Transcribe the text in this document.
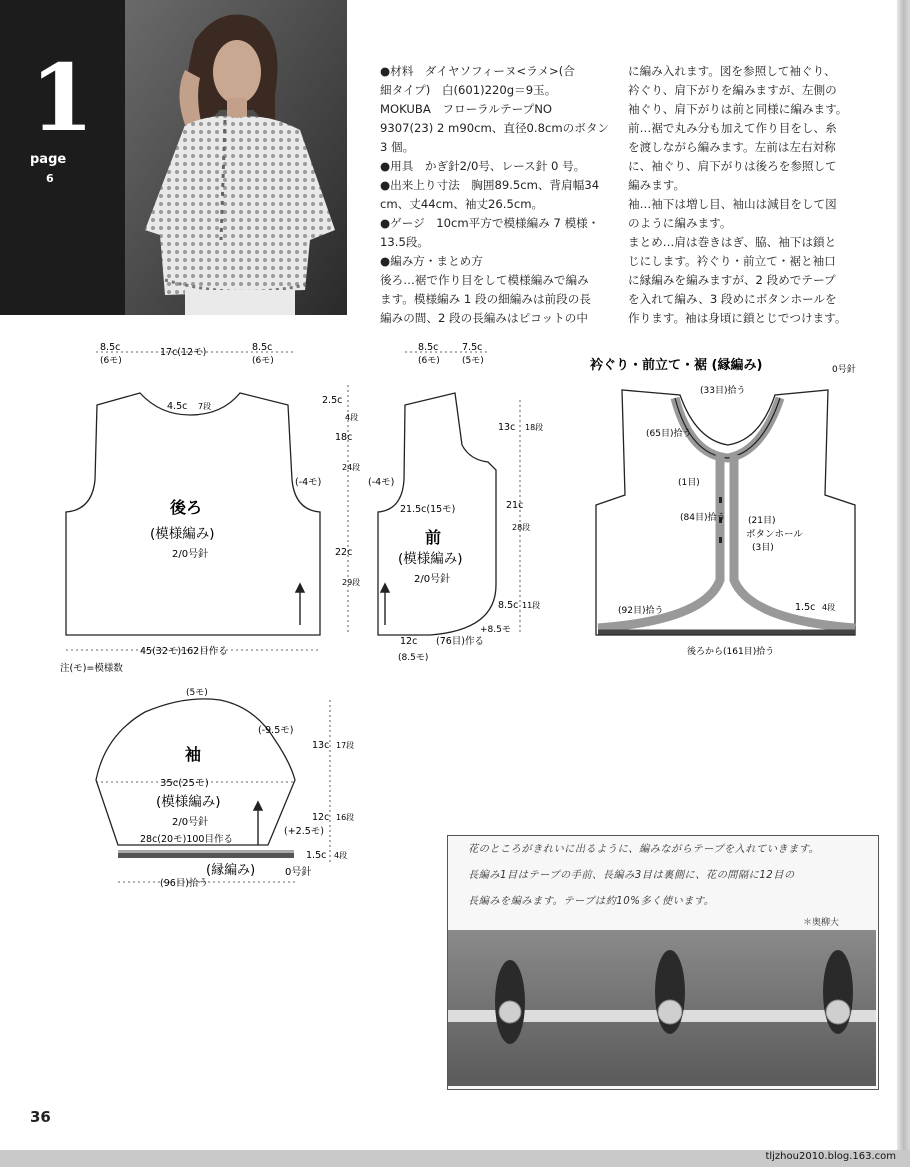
1
page
6

●材料　ダイヤソフィーヌ<ラメ>(合

細タイプ)　白(601)220g＝9玉。

MOKUBA　フローラルテープNO

9307(23) 2 m90cm、直径0.8cmのボタン

3 個。

●用具　かぎ針2/0号、レース針 0 号。

●出来上り寸法　胸囲89.5cm、背肩幅34

cm、丈44cm、袖丈26.5cm。

●ゲージ　10cm平方で模様編み 7 模様・

13.5段。

●編み方・まとめ方

後ろ…裾で作り目をして模様編みで編み

ます。模様編み 1 段の細編みは前段の長

編みの間、2 段の長編みはピコットの中

に編み入れます。図を参照して袖ぐり、

衿ぐり、肩下がりを編みますが、左側の

袖ぐり、肩下がりは前と同様に編みます。

前…裾で丸み分も加えて作り目をし、糸

を渡しながら編みます。左前は左右対称

に、袖ぐり、肩下がりは後ろを参照して

編みます。

袖…袖下は増し目、袖山は減目をして図

のように編みます。

まとめ…肩は巻きはぎ、脇、袖下は鎖と

じにします。衿ぐり・前立て・裾と袖口

に縁編みを編みますが、2 段めでテープ

を入れて編み、3 段めにボタンホールを

作ります。袖は身頃に鎖とじでつけます。

8.5c
(6モ)
17c(12モ)	8.5c
(6モ)
4.5c 7段
2.5c
4段
18c
24段
22c
29段
(-4モ)
後ろ
(模様編み)
2/0号針
45(32モ)162目作る
注(モ)=模様数
8.5c
(6モ)
7.5c
(5モ)
13c 18段
21c
28段
8.5c 11段
(-4モ)
21.5c(15モ)
前
(模様編み)
2/0号針
12c (76目)作る
(8.5モ)
+8.5モ
(5モ)
(-9.5モ)
13c 17段
袖
35c(25モ)
(模様編み)
2/0号針	12c 16段
(+2.5モ)
28c(20モ)100目作る
1.5c 4段
(縁編み)	0号針
(96目)拾う
衿ぐり・前立て・裾 (縁編み)	0号針
(33目)拾う
(65目)拾う
(1目)
(84目)拾う	(21目)
ボタンホール
(3目)
(92目)拾う	1.5c 4段
後ろから(161目)拾う
花のところがきれいに出るように、編みながらテープを入れていきます。
長編み1目はテープの手前、長編み3目は裏側に、花の間隔に12目の
長編みを編みます。テープは約10%多く使います。
＊奥柳大
36
tljzhou2010.blog.163.com
